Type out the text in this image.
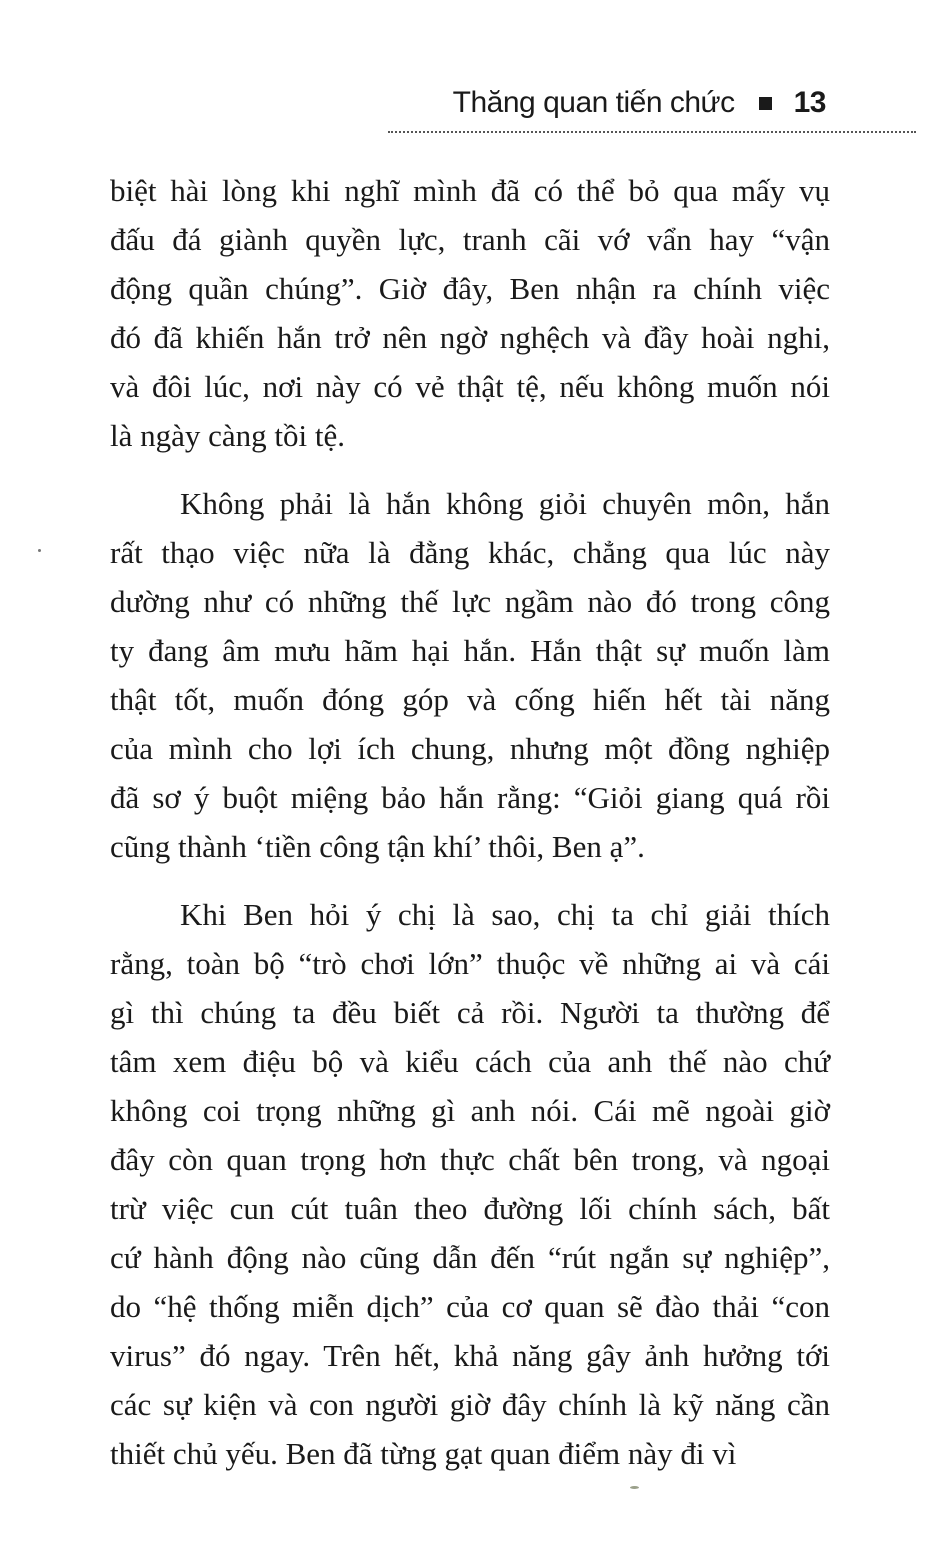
Thăng quan tiến chức 13
biệt hài lòng khi nghĩ mình đã có thể bỏ qua mấy vụ
đấu đá giành quyền lực, tranh cãi vớ vẩn hay “vận
động quần chúng”. Giờ đây, Ben nhận ra chính việc
đó đã khiến hắn trở nên ngờ nghệch và đầy hoài nghi,
và đôi lúc, nơi này có vẻ thật tệ, nếu không muốn nói
là ngày càng tồi tệ.
Không phải là hắn không giỏi chuyên môn, hắn
rất thạo việc nữa là đằng khác, chẳng qua lúc này
dường như có những thế lực ngầm nào đó trong công
ty đang âm mưu hãm hại hắn. Hắn thật sự muốn làm
thật tốt, muốn đóng góp và cống hiến hết tài năng
của mình cho lợi ích chung, nhưng một đồng nghiệp
đã sơ ý buột miệng bảo hắn rằng: “Giỏi giang quá rồi
cũng thành ‘tiền công tận khí’ thôi, Ben ạ”.
Khi Ben hỏi ý chị là sao, chị ta chỉ giải thích
rằng, toàn bộ “trò chơi lớn” thuộc về những ai và cái
gì thì chúng ta đều biết cả rồi. Người ta thường để
tâm xem điệu bộ và kiểu cách của anh thế nào chứ
không coi trọng những gì anh nói. Cái mẽ ngoài giờ
đây còn quan trọng hơn thực chất bên trong, và ngoại
trừ việc cun cút tuân theo đường lối chính sách, bất
cứ hành động nào cũng dẫn đến “rút ngắn sự nghiệp”,
do “hệ thống miễn dịch” của cơ quan sẽ đào thải “con
virus” đó ngay. Trên hết, khả năng gây ảnh hưởng tới
các sự kiện và con người giờ đây chính là kỹ năng cần
thiết chủ yếu. Ben đã từng gạt quan điểm này đi vì
